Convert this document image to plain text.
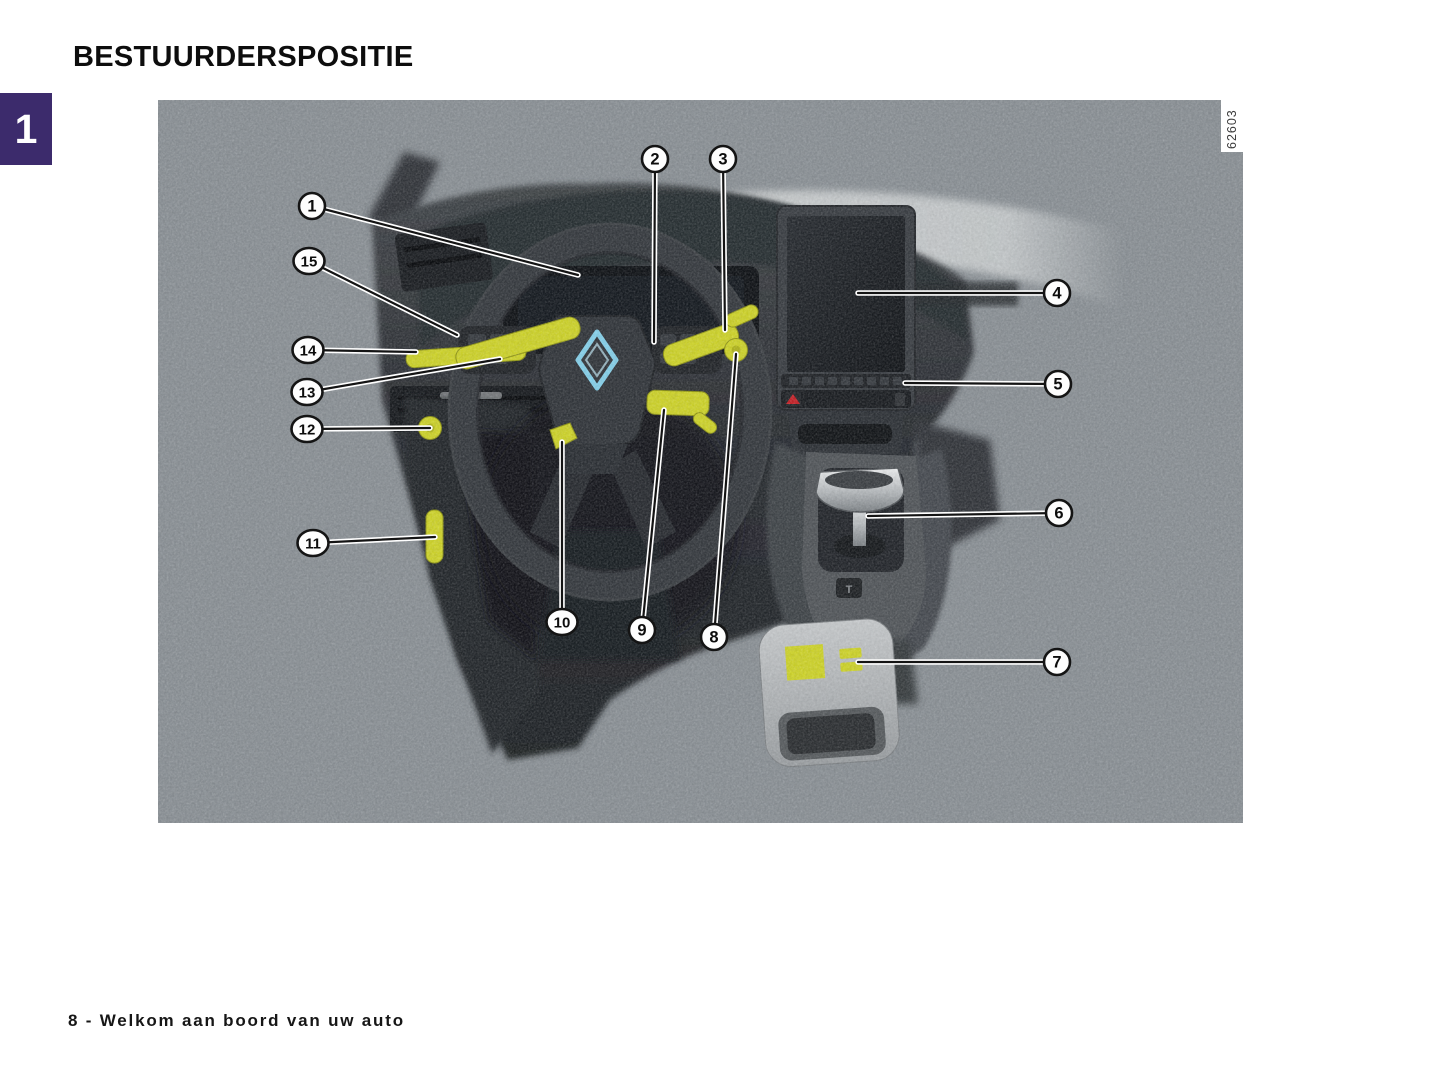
BESTUURDERSPOSITIE
1
T
1
2	3
4
5
6
7
8
9
10
11
12
13
14
15
62603

8 - Welkom aan boord van uw auto
